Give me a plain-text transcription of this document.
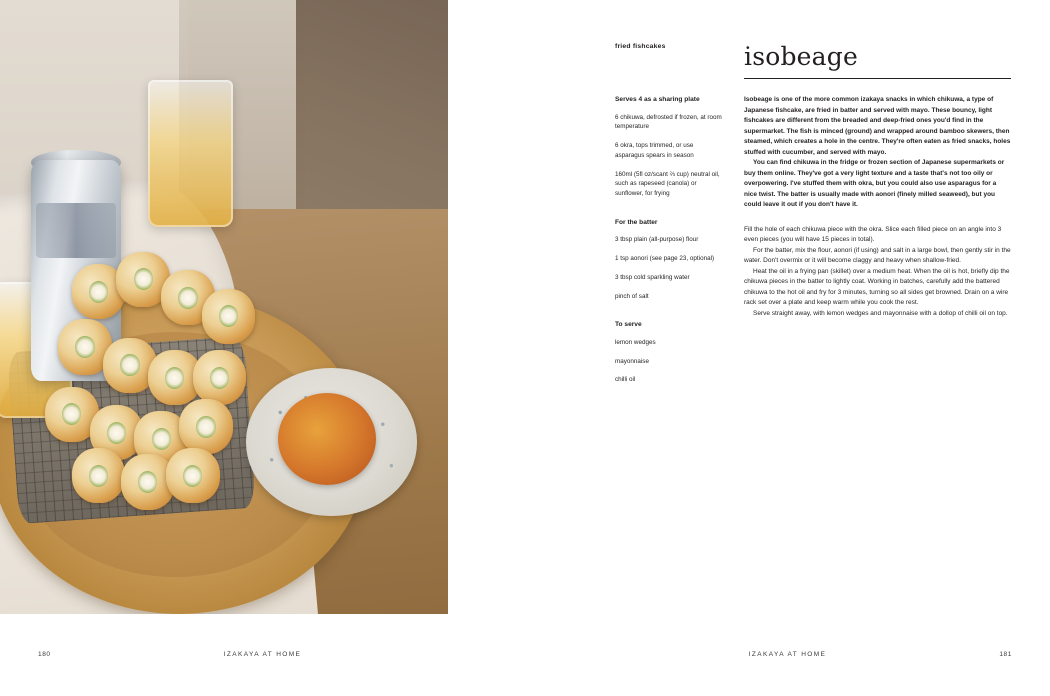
180	IZAKAYA AT HOME
fried fishcakes	isobeage

Serves 4 as a sharing plate

6 chikuwa, defrosted if frozen, at room temperature

6 okra, tops trimmed, or use asparagus spears in season

160ml (5fl oz/scant ⅔ cup) neutral oil, such as rapeseed (canola) or sunflower, for frying

For the batter

3 tbsp plain (all-purpose) flour

1 tsp aonori (see page 23, optional)

3 tbsp cold sparkling water

pinch of salt

To serve

lemon wedges

mayonnaise

chilli oil

Isobeage is one of the more common izakaya snacks in which chikuwa, a type of Japanese fishcake, are fried in batter and served with mayo. These bouncy, light fishcakes are different from the breaded and deep-fried ones you'd find in the supermarket. The fish is minced (ground) and wrapped around bamboo skewers, then steamed, which creates a hole in the centre. They're often eaten as fried snacks, holes stuffed with cucumber, and served with mayo.

You can find chikuwa in the fridge or frozen section of Japanese supermarkets or buy them online. They've got a very light texture and a taste that's not too oily or overpowering. I've stuffed them with okra, but you could also use asparagus for a nice twist. The batter is usually made with aonori (finely milled seaweed), but you could leave it out if you don't have it.

Fill the hole of each chikuwa piece with the okra. Slice each filled piece on an angle into 3 even pieces (you will have 15 pieces in total).

For the batter, mix the flour, aonori (if using) and salt in a large bowl, then gently stir in the water. Don't overmix or it will become claggy and heavy when shallow-fried.

Heat the oil in a frying pan (skillet) over a medium heat. When the oil is hot, briefly dip the chikuwa pieces in the batter to lightly coat. Working in batches, carefully add the battered chikuwa to the hot oil and fry for 3 minutes, turning so all sides get browned. Drain on a wire rack set over a plate and keep warm while you cook the rest.

Serve straight away, with lemon wedges and mayonnaise with a dollop of chilli oil on top.

IZAKAYA AT HOME	181
